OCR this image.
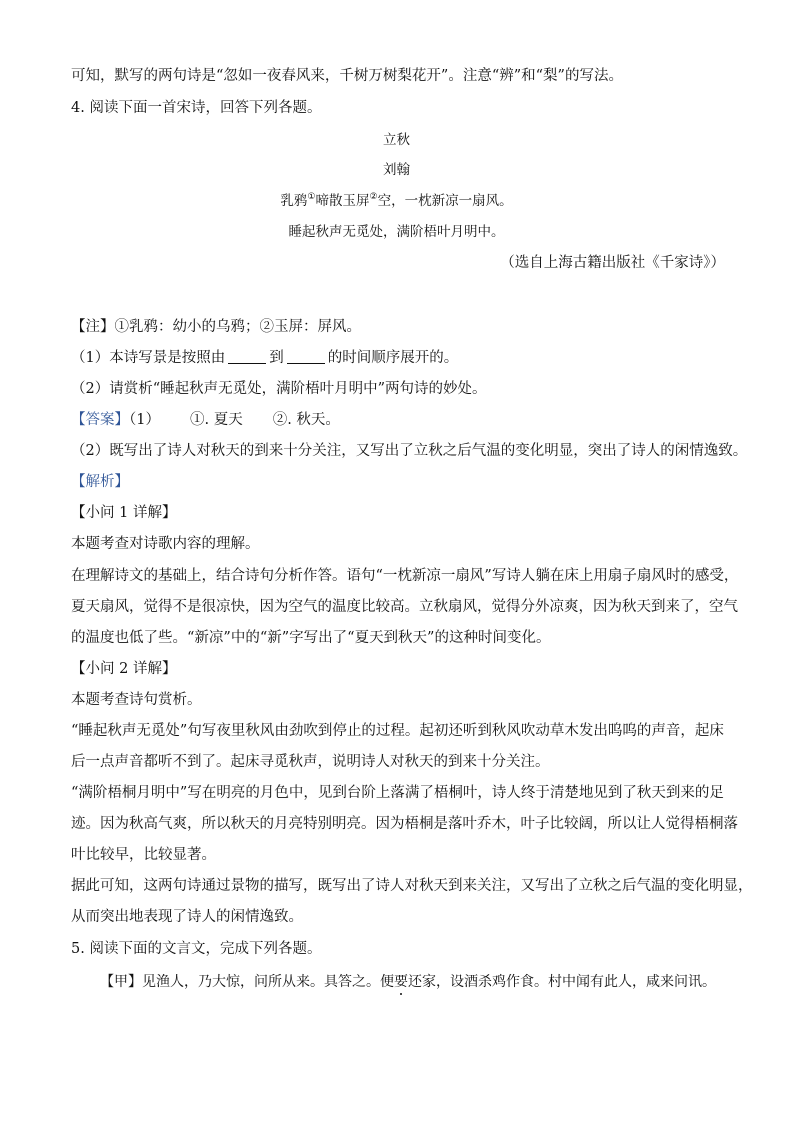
可知，默写的两句诗是“忽如一夜春风来，千树万树梨花开”。注意“辨”和“梨”的写法。
4. 阅读下面一首宋诗，回答下列各题。
立秋
刘翰
乳鸦①啼散玉屏②空，一枕新凉一扇风。
睡起秋声无觅处，满阶梧叶月明中。
（选自上海古籍出版社《千家诗》）
【注】①乳鸦：幼小的乌鸦；②玉屏：屏风。
（1）本诗写景是按照由	到	的时间顺序展开的。
（2）请赏析“睡起秋声无觅处，满阶梧叶月明中”两句诗的妙处。
【答案】（1） ①. 夏天 ②. 秋天。
（2）既写出了诗人对秋天的到来十分关注，又写出了立秋之后气温的变化明显，突出了诗人的闲情逸致。
【解析】
【小问 1 详解】
本题考查对诗歌内容的理解。
在理解诗文的基础上，结合诗句分析作答。语句“一枕新凉一扇风”写诗人躺在床上用扇子扇风时的感受，
夏天扇风，觉得不是很凉快，因为空气的温度比较高。立秋扇风，觉得分外凉爽，因为秋天到来了，空气
的温度也低了些。“新凉”中的“新”字写出了“夏天到秋天”的这种时间变化。
【小问 2 详解】
本题考查诗句赏析。
“睡起秋声无觅处”句写夜里秋风由劲吹到停止的过程。起初还听到秋风吹动草木发出呜呜的声音，起床
后一点声音都听不到了。起床寻觅秋声，说明诗人对秋天的到来十分关注。
“满阶梧桐月明中”写在明亮的月色中，见到台阶上落满了梧桐叶，诗人终于清楚地见到了秋天到来的足
迹。因为秋高气爽，所以秋天的月亮特别明亮。因为梧桐是落叶乔木，叶子比较阔，所以让人觉得梧桐落
叶比较早，比较显著。
据此可知，这两句诗通过景物的描写，既写出了诗人对秋天到来关注，又写出了立秋之后气温的变化明显，
从而突出地表现了诗人的闲情逸致。
5. 阅读下面的文言文，完成下列各题。
【甲】见渔人，乃大惊，问所从来。具答之。便要还家，设酒杀鸡作食。村中闻有此人，咸来问讯。
